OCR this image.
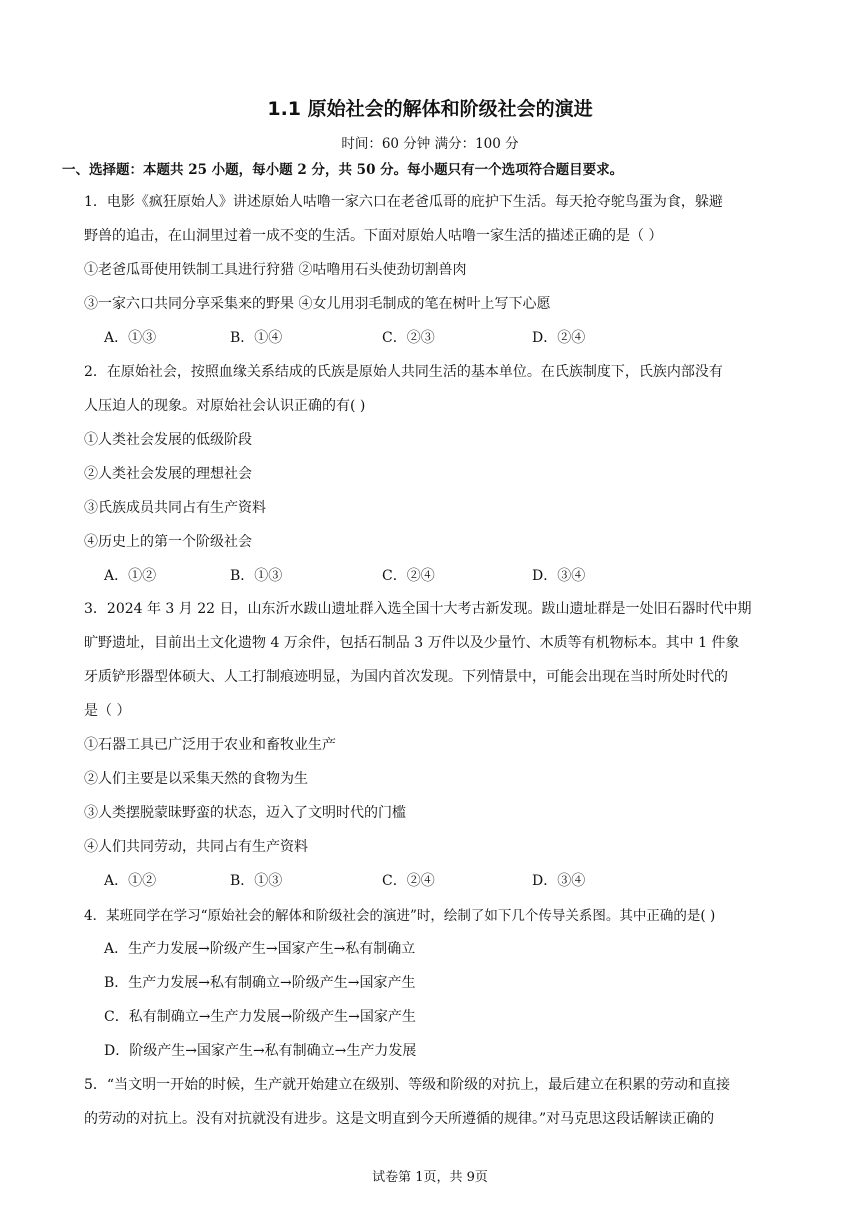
1.1 原始社会的解体和阶级社会的演进
时间：60 分钟 满分：100 分
一、选择题：本题共 25 小题，每小题 2 分，共 50 分。每小题只有一个选项符合题目要求。
1．电影《疯狂原始人》讲述原始人咕噜一家六口在老爸瓜哥的庇护下生活。每天抢夺鸵鸟蛋为食，躲避
野兽的追击，在山洞里过着一成不变的生活。下面对原始人咕噜一家生活的描述正确的是（ ）
①老爸瓜哥使用铁制工具进行狩猎 ②咕噜用石头使劲切割兽肉
③一家六口共同分享采集来的野果 ④女儿用羽毛制成的笔在树叶上写下心愿
A．①③	B．①④	C．②③	D．②④
2．在原始社会，按照血缘关系结成的氏族是原始人共同生活的基本单位。在氏族制度下，氏族内部没有
人压迫人的现象。对原始社会认识正确的有( )
①人类社会发展的低级阶段
②人类社会发展的理想社会
③氏族成员共同占有生产资料
④历史上的第一个阶级社会
A．①②	B．①③	C．②④	D．③④
3．2024 年 3 月 22 日，山东沂水跋山遗址群入选全国十大考古新发现。跋山遗址群是一处旧石器时代中期
旷野遗址，目前出土文化遗物 4 万余件，包括石制品 3 万件以及少量竹、木质等有机物标本。其中 1 件象
牙质铲形器型体硕大、人工打制痕迹明显，为国内首次发现。下列情景中，可能会出现在当时所处时代的
是（ ）
①石器工具已广泛用于农业和畜牧业生产
②人们主要是以采集天然的食物为生
③人类摆脱蒙昧野蛮的状态，迈入了文明时代的门槛
④人们共同劳动，共同占有生产资料
A．①②	B．①③	C．②④	D．③④
4．某班同学在学习“原始社会的解体和阶级社会的演进”时，绘制了如下几个传导关系图。其中正确的是( )
A．生产力发展→阶级产生→国家产生→私有制确立
B．生产力发展→私有制确立→阶级产生→国家产生
C．私有制确立→生产力发展→阶级产生→国家产生
D．阶级产生→国家产生→私有制确立→生产力发展
5．“当文明一开始的时候，生产就开始建立在级别、等级和阶级的对抗上，最后建立在积累的劳动和直接
的劳动的对抗上。没有对抗就没有进步。这是文明直到今天所遵循的规律。”对马克思这段话解读正确的
试卷第 1页，共 9页
